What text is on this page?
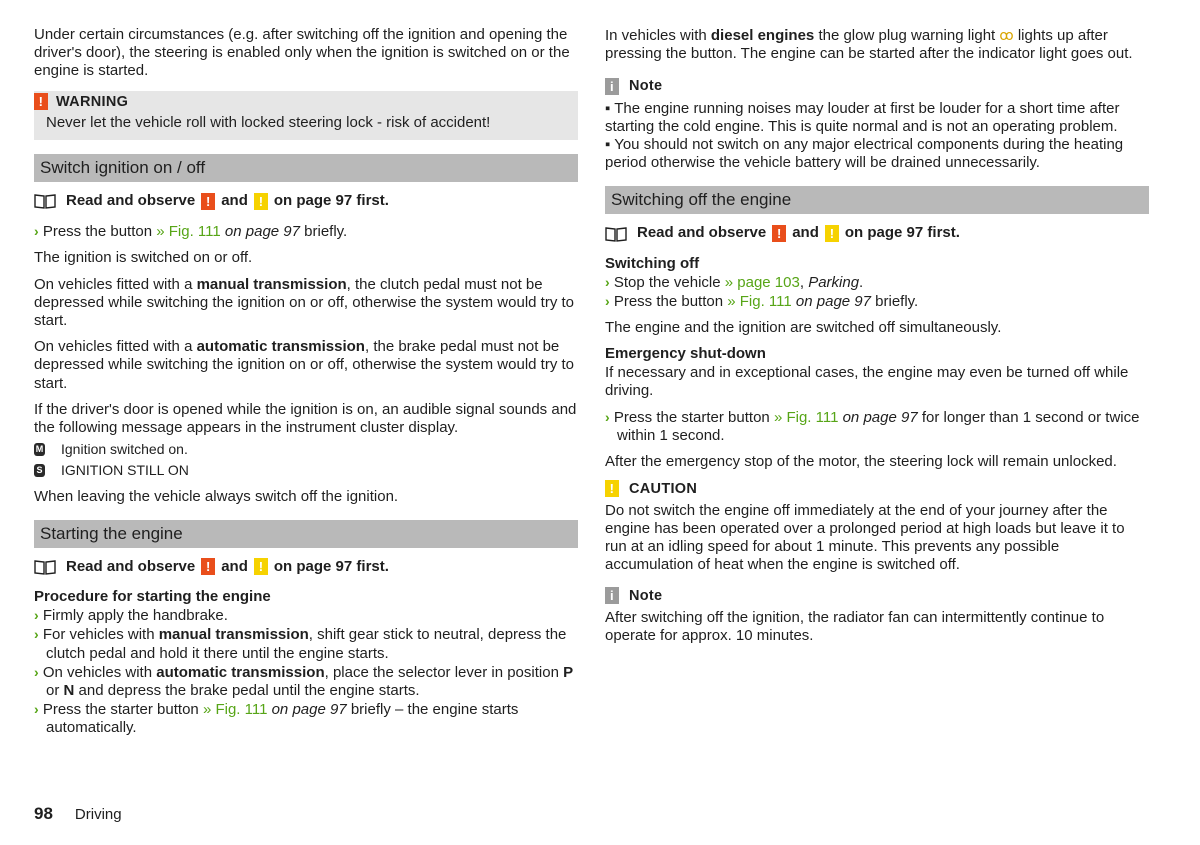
Under certain circumstances (e.g. after switching off the ignition and opening the driver's door), the steering is enabled only when the ignition is switched on or the engine is started.

! WARNING
Never let the vehicle roll with locked steering lock - risk of accident!
Switch ignition on / off
Read and observe ! and ! on page 97 first.

› Press the button » Fig. 111 on page 97 briefly.

The ignition is switched on or off.

On vehicles fitted with a manual transmission, the clutch pedal must not be depressed while switching the ignition on or off, otherwise the system would try to start.

On vehicles fitted with a automatic transmission, the brake pedal must not be depressed while switching the ignition on or off, otherwise the system would try to start.

If the driver's door is opened while the ignition is on, an audible signal sounds and the following message appears in the instrument cluster display.

M Ignition switched on.
S IGNITION STILL ON

When leaving the vehicle always switch off the ignition.

Starting the engine
Read and observe ! and ! on page 97 first.

Procedure for starting the engine

› Firmly apply the handbrake.

› For vehicles with manual transmission, shift gear stick to neutral, depress the clutch pedal and hold it there until the engine starts.

› On vehicles with automatic transmission, place the selector lever in position P or N and depress the brake pedal until the engine starts.

› Press the starter button » Fig. 111 on page 97 briefly – the engine starts automatically.

In vehicles with diesel engines the glow plug warning light ꝏ lights up after pressing the button. The engine can be started after the indicator light goes out.

i	Note

▪ The engine running noises may louder at first be louder for a short time after starting the cold engine. This is quite normal and is not an operating problem.

▪ You should not switch on any major electrical components during the heating period otherwise the vehicle battery will be drained unnecessarily.

Switching off the engine
Read and observe ! and ! on page 97 first.

Switching off

› Stop the vehicle » page 103, Parking.

› Press the button » Fig. 111 on page 97 briefly.

The engine and the ignition are switched off simultaneously.

Emergency shut-down

If necessary and in exceptional cases, the engine may even be turned off while driving.

› Press the starter button » Fig. 111 on page 97 for longer than 1 second or twice within 1 second.

After the emergency stop of the motor, the steering lock will remain unlocked.

!	CAUTION

Do not switch the engine off immediately at the end of your journey after the engine has been operated over a prolonged period at high loads but leave it to run at an idling speed for about 1 minute. This prevents any possible accumulation of heat when the engine is switched off.

i	Note

After switching off the ignition, the radiator fan can intermittently continue to operate for approx. 10 minutes.

98 Driving
